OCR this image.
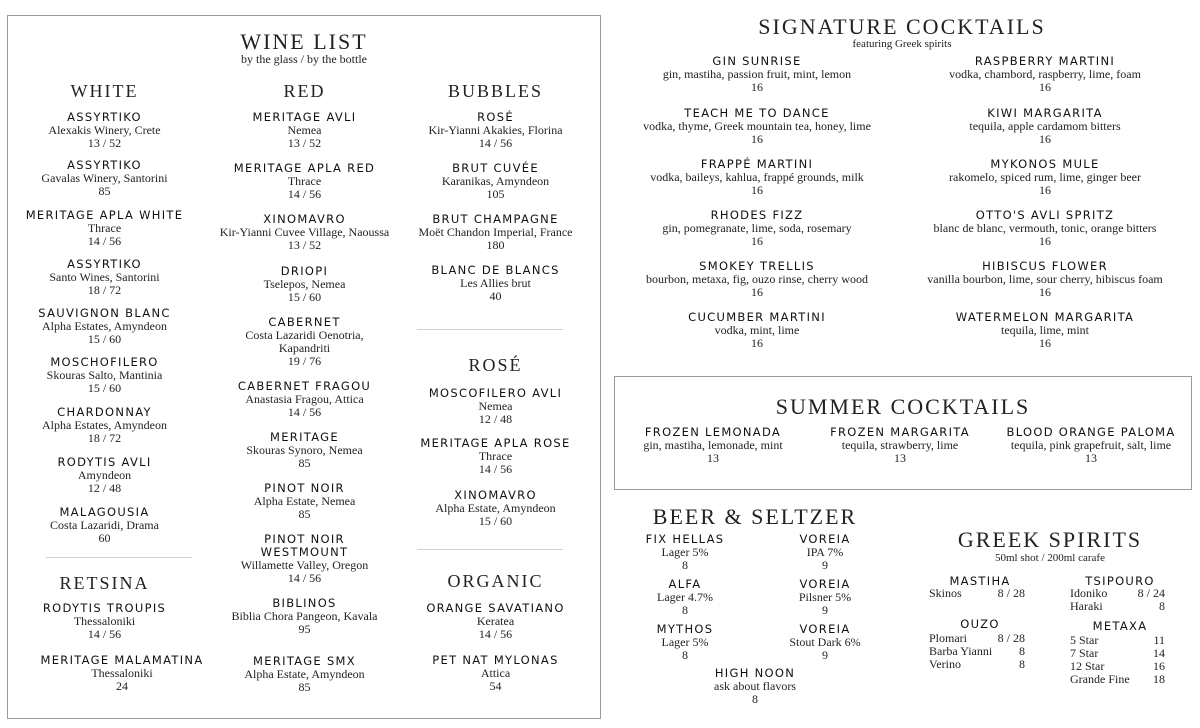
WINE LIST
by the glass / by the bottle
WHITE
ASSYRTIKO
Alexakis Winery, Crete
13 / 52
ASSYRTIKO
Gavalas Winery, Santorini
85
MERITAGE APLA WHITE
Thrace
14 / 56
ASSYRTIKO
Santo Wines, Santorini
18 / 72
SAUVIGNON BLANC
Alpha Estates, Amyndeon
15 / 60
MOSCHOFILERO
Skouras Salto, Mantinia
15 / 60
CHARDONNAY
Alpha Estates, Amyndeon
18 / 72
RODYTIS AVLI
Amyndeon
12 / 48
MALAGOUSIA
Costa Lazaridi, Drama
60
RETSINA
RODYTIS TROUPIS
Thessaloniki
14 / 56
MERITAGE MALAMATINA
Thessaloniki
24
RED
MERITAGE AVLI
Nemea
13 / 52
MERITAGE APLA RED
Thrace
14 / 56
XINOMAVRO
Kir-Yianni Cuvee Village, Naoussa
13 / 52
DRIOPI
Tselepos, Nemea
15 / 60
CABERNET
Costa Lazaridi Oenotria,
Kapandriti
19 / 76
CABERNET FRAGOU
Anastasia Fragou, Attica
14 / 56
MERITAGE
Skouras Synoro, Nemea
85
PINOT NOIR
Alpha Estate, Nemea
85
PINOT NOIR
WESTMOUNT
Willamette Valley, Oregon
14 / 56
BIBLINOS
Biblia Chora Pangeon, Kavala
95
MERITAGE SMX
Alpha Estate, Amyndeon
85
BUBBLES
ROSÉ
Kir-Yianni Akakies, Florina
14 / 56
BRUT CUVÉE
Karanikas, Amyndeon
105
BRUT CHAMPAGNE
Moët Chandon Imperial, France
180
BLANC DE BLANCS
Les Allies brut
40
ROSÉ
MOSCOFILERO AVLI
Nemea
12 / 48
MERITAGE APLA ROSE
Thrace
14 / 56
XINOMAVRO
Alpha Estate, Amyndeon
15 / 60
ORGANIC
ORANGE SAVATIANO
Keratea
14 / 56
PET NAT MYLONAS
Attica
54
SIGNATURE COCKTAILS
featuring Greek spirits
GIN SUNRISE
gin, mastiha, passion fruit, mint, lemon
16
TEACH ME TO DANCE
vodka, thyme, Greek mountain tea, honey, lime
16
FRAPPÉ MARTINI
vodka, baileys, kahlua, frappé grounds, milk
16
RHODES FIZZ
gin, pomegranate, lime, soda, rosemary
16
SMOKEY TRELLIS
bourbon, metaxa, fig, ouzo rinse, cherry wood
16
CUCUMBER MARTINI
vodka, mint, lime
16
RASPBERRY MARTINI
vodka, chambord, raspberry, lime, foam
16
KIWI MARGARITA
tequila, apple cardamom bitters
16
MYKONOS MULE
rakomelo, spiced rum, lime, ginger beer
16
OTTO'S AVLI SPRITZ
blanc de blanc, vermouth, tonic, orange bitters
16
HIBISCUS FLOWER
vanilla bourbon, lime, sour cherry, hibiscus foam
16
WATERMELON MARGARITA
tequila, lime, mint
16
SUMMER COCKTAILS
FROZEN LEMONADA
gin, mastiha, lemonade, mint
13
FROZEN MARGARITA
tequila, strawberry, lime
13
BLOOD ORANGE PALOMA
tequila, pink grapefruit, salt, lime
13
BEER & SELTZER
FIX HELLAS
Lager 5%
8
ALFA
Lager 4.7%
8
MYTHOS
Lager 5%
8
VOREIA
IPA 7%
9
VOREIA
Pilsner 5%
9
VOREIA
Stout Dark 6%
9
HIGH NOON
ask about flavors
8
GREEK SPIRITS
50ml shot / 200ml carafe
MASTIHA
Skinos	8 / 28
TSIPOURO
Idoniko	8 / 24
Haraki	8
OUZO
Plomari	8 / 28
Barba Yianni	8
Verino	8
METAXA
5 Star	11
7 Star	14
12 Star	16
Grande Fine	18
